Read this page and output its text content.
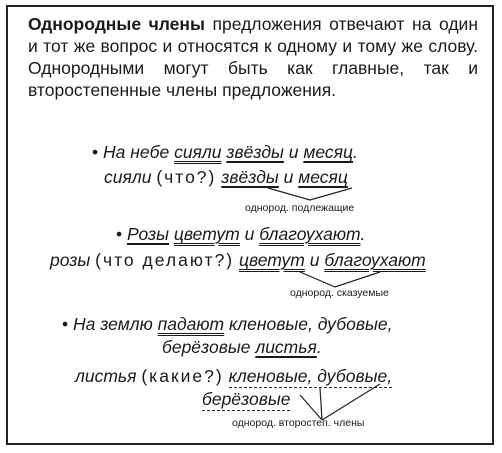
Однородные члены предложения отвечают на один и тот же вопрос и относятся к одному и тому же слову. Однородными могут быть как главные, так и второстепенные члены предложения.
• На небе сияли звёзды и месяц.
сияли (что?) звёзды и месяц
однород. подлежащие
• Розы цветут и благоухают.
розы (что делают?) цветут и благоухают
однород. сказуемые
• На землю падают кленовые, дубовые,
берёзовые листья.
листья (какие?) кленовые, дубовые,
берёзовые
однород. второстеп. члены
